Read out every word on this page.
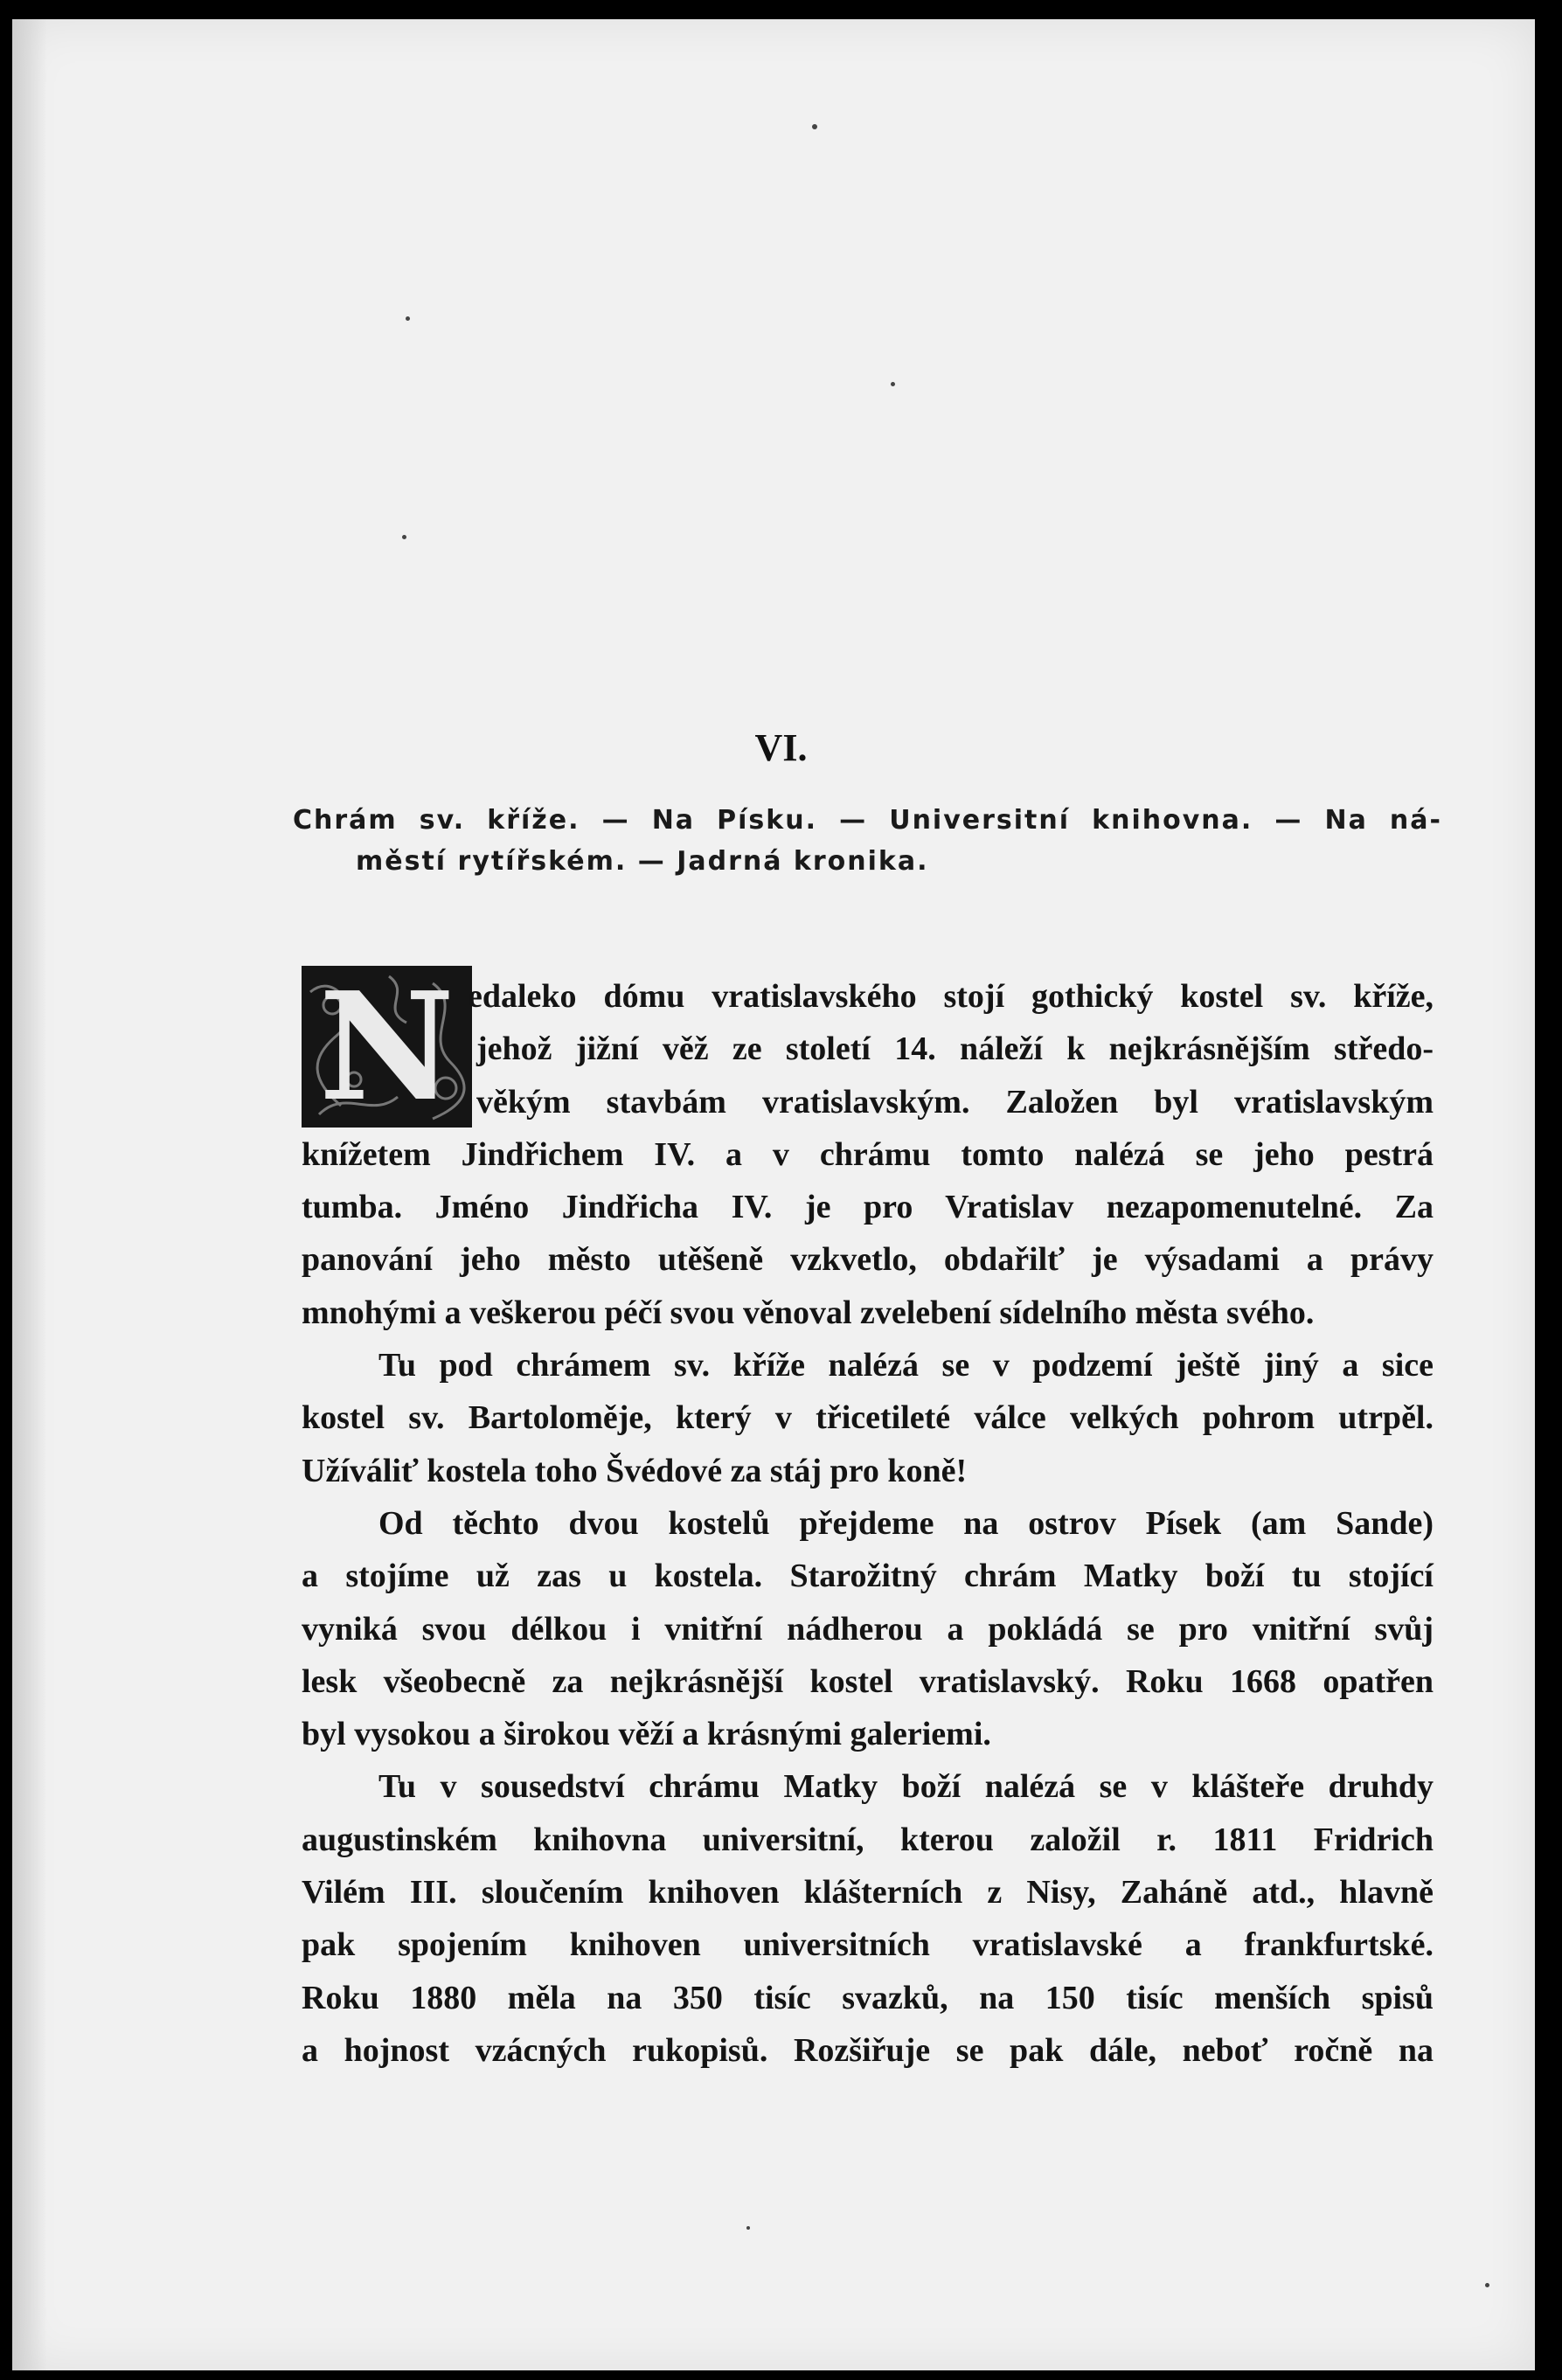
VI.
Chrám sv. kříže. — Na Písku. — Universitní knihovna. — Na ná-
městí rytířském. — Jadrná kronika.
N edaleko dómu vratislavského stojí gothický kostel sv. kříže,
jehož jižní věž ze století 14. náleží k nejkrásnějším středo-
věkým stavbám vratislavským. Založen byl vratislavským
knížetem Jindřichem IV. a v chrámu tomto nalézá se jeho pestrá
tumba. Jméno Jindřicha IV. je pro Vratislav nezapomenutelné. Za
panování jeho město utěšeně vzkvetlo, obdařilť je výsadami a právy
mnohými a veškerou péčí svou věnoval zvelebení sídelního města svého.
Tu pod chrámem sv. kříže nalézá se v podzemí ještě jiný a sice
kostel sv. Bartoloměje, který v třicetileté válce velkých pohrom utrpěl.
Užíváliť kostela toho Švédové za stáj pro koně!
Od těchto dvou kostelů přejdeme na ostrov Písek (am Sande)
a stojíme už zas u kostela. Starožitný chrám Matky boží tu stojící
vyniká svou délkou i vnitřní nádherou a pokládá se pro vnitřní svůj
lesk všeobecně za nejkrásnější kostel vratislavský. Roku 1668 opatřen
byl vysokou a širokou věží a krásnými galeriemi.
Tu v sousedství chrámu Matky boží nalézá se v klášteře druhdy
augustinském knihovna universitní, kterou založil r. 1811 Fridrich
Vilém III. sloučením knihoven klášterních z Nisy, Zaháně atd., hlavně
pak spojením knihoven universitních vratislavské a frankfurtské.
Roku 1880 měla na 350 tisíc svazků, na 150 tisíc menších spisů
a hojnost vzácných rukopisů. Rozšiřuje se pak dále, neboť ročně na
